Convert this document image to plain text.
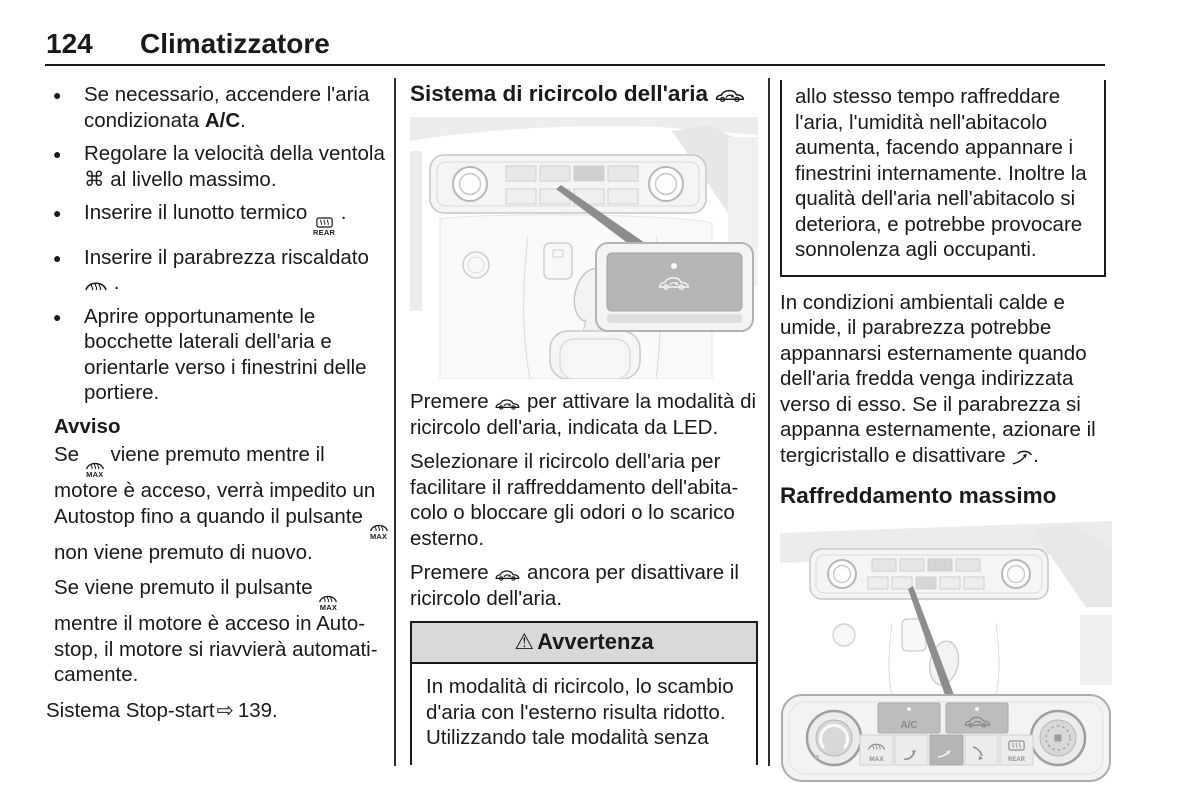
124 Climatizzatore
● Se necessario, accendere l'aria condizionata A/C.
● Regolare la velocità della ventola ⌘ al livello massimo.
● Inserire il lunotto termico
REAR
.
● Inserire il parabrezza riscaldato
.
● Aprire opportunamente le bocchette laterali dell'aria e orientarle verso i finestrini delle portiere.
Avviso

Se
MAX
viene premuto mentre il motore è acceso, verrà impedito un Autostop fino a quando il pulsante
MAX
non viene premuto di nuovo.

Se viene premuto il pulsante
MAX
mentre il motore è acceso in Autostop, il motore si riavvierà automaticamente.

Sistema Stop-start⇨ 139.
Sistema di ricircolo dell'aria

Premere
per attivare la modalità di ricircolo dell'aria, indicata da LED.

Selezionare il ricircolo dell'aria per facilitare il raffreddamento dell'abitacolo o bloccare gli odori o lo scarico esterno.

Premere
ancora per disattivare il ricircolo dell'aria.

⚠ Avvertenza

In modalità di ricircolo, lo scambio d'aria con l'esterno risulta ridotto. Utilizzando tale modalità senza

allo stesso tempo raffreddare l'aria, l'umidità nell'abitacolo aumenta, facendo appannare i finestrini internamente. Inoltre la qualità dell'aria nell'abitacolo si deteriora, e potrebbe provocare sonnolenza agli occupanti.

In condizioni ambientali calde e umide, il parabrezza potrebbe appannarsi esternamente quando dell'aria fredda venga indirizzata verso di esso. Se il parabrezza si appanna esternamente, azionare il tergicristallo e disattivare
.

Raffreddamento massimo
A/C
MAX	REAR
